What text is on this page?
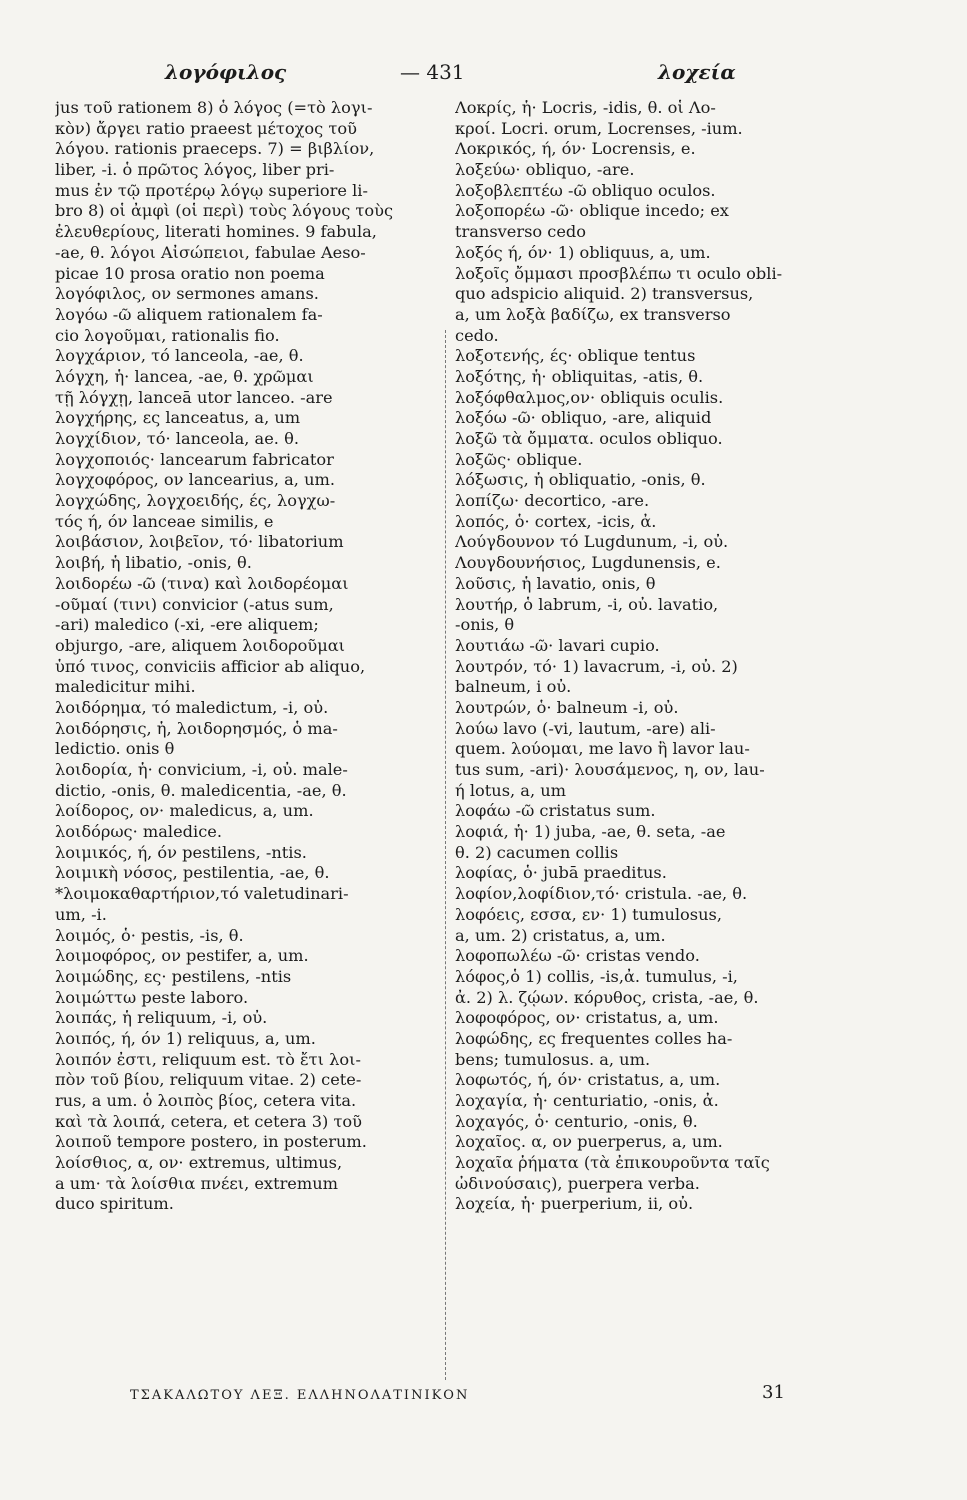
λογόφιλος	— 431	λοχεία
jus τοῦ rationem 8) ὁ λόγος (=τὸ λογι-
κὸν) ἄργει ratio praeest μέτοχος τοῦ
λόγου. rationis praeceps. 7) = βιβλίον,
liber, -i. ὁ πρῶτος λόγος, liber pri-
mus ἐν τῷ προτέρῳ λόγῳ superiore li-
bro 8) οἱ ἀμφὶ (οἱ περὶ) τοὺς λόγους τοὺς
ἐλευθερίους, literati homines. 9 fabula,
-ae, θ. λόγοι Αἰσώπειοι, fabulae Aeso-
picae 10 prosa oratio non poema
λογόφιλος, ον sermones amans.
λογόω -ῶ aliquem rationalem fa-
cio λογοῦμαι, rationalis fio.
λογχάριον, τό lanceola, -ae, θ.
λόγχη, ἡ· lancea, -ae, θ. χρῶμαι
τῇ λόγχῃ, lanceā utor lanceo. -are
λογχήρης, ες lanceatus, a, um
λογχίδιον, τό· lanceola, ae. θ.
λογχοποιός· lancearum fabricator
λογχοφόρος, ον lancearius, a, um.
λογχώδης, λογχοειδής, ές, λογχω-
τός ή, όν lanceae similis, e
λοιβάσιον, λοιβεῖον, τό· libatorium
λοιβή, ἡ libatio, -onis, θ.
λοιδορέω -ῶ (τινα) καὶ λοιδορέομαι
-οῦμαί (τινι) convicior (-atus sum,
-ari) maledico (-xi, -ere aliquem;
objurgo, -are, aliquem λοιδοροῦμαι
ὑπό τινος, conviciis afficior ab aliquo,
maledicitur mihi.
λοιδόρημα, τό maledictum, -i, οὐ.
λοιδόρησις, ἡ, λοιδορησμός, ὁ ma-
ledictio. onis θ
λοιδορία, ἡ· convicium, -i, οὐ. male-
dictio, -onis, θ. maledicentia, -ae, θ.
λοίδορος, ον· maledicus, a, um.
λοιδόρως· maledice.
λοιμικός, ή, όν pestilens, -ntis.
λοιμικὴ νόσος, pestilentia, -ae, θ.
*λοιμοκαθαρτήριον,τό valetudinari-
um, -i.
λοιμός, ὁ· pestis, -is, θ.
λοιμοφόρος, ον pestifer, a, um.
λοιμώδης, ες· pestilens, -ntis
λοιμώττω peste laboro.
λοιπάς, ἡ reliquum, -i, οὐ.
λοιπός, ή, όν 1) reliquus, a, um.
λοιπόν ἐστι, reliquum est. τὸ ἔτι λοι-
πὸν τοῦ βίου, reliquum vitae. 2) cete-
rus, a um. ὁ λοιπὸς βίος, cetera vita.
καὶ τὰ λοιπά, cetera, et cetera 3) τοῦ
λοιποῦ tempore postero, in posterum.
λοίσθιος, α, ον· extremus, ultimus,
a um· τὰ λοίσθια πνέει, extremum
duco spiritum.
Λοκρίς, ἡ· Locris, -idis, θ. οἱ Λο-
κροί. Locri. orum, Locrenses, -ium.
Λοκρικός, ή, όν· Locrensis, e.
λοξεύω· obliquo, -are.
λοξοβλεπτέω -ῶ obliquo oculos.
λοξοπορέω -ῶ· oblique incedo; ex
transverso cedo
λοξός ή, όν· 1) obliquus, a, um.
λοξοῖς ὄμμασι προσβλέπω τι oculo obli-
quo adspicio aliquid. 2) transversus,
a, um λοξὰ βαδίζω, ex transverso
cedo.
λοξοτενής, ές· oblique tentus
λοξότης, ἡ· obliquitas, -atis, θ.
λοξόφθαλμος,ον· obliquis oculis.
λοξόω -ῶ· obliquo, -are, aliquid
λοξῶ τὰ ὄμματα. oculos obliquo.
λοξῶς· oblique.
λόξωσις, ἡ obliquatio, -onis, θ.
λοπίζω· decortico, -are.
λοπός, ὁ· cortex, -icis, ἀ.
Λούγδουνον τό Lugdunum, -i, οὐ.
Λουγδουνήσιος, Lugdunensis, e.
λοῦσις, ἡ lavatio, onis, θ
λουτήρ, ὁ labrum, -i, οὐ. lavatio,
-onis, θ
λουτιάω -ῶ· lavari cupio.
λουτρόν, τό· 1) lavacrum, -i, οὐ. 2)
balneum, i οὐ.
λουτρών, ὁ· balneum -i, οὐ.
λούω lavo (-vi, lautum, -are) ali-
quem. λούομαι, me lavo ἢ lavor lau-
tus sum, -ari)· λουσάμενος, η, ον, lau-
ή lotus, a, um
λοφάω -ῶ cristatus sum.
λοφιά, ἡ· 1) juba, -ae, θ. seta, -ae
θ. 2) cacumen collis
λοφίας, ὁ· jubā praeditus.
λοφίον,λοφίδιον,τό· cristula. -ae, θ.
λοφόεις, εσσα, εν· 1) tumulosus,
a, um. 2) cristatus, a, um.
λοφοπωλέω -ῶ· cristas vendo.
λόφος,ὁ 1) collis, -is,ἀ. tumulus, -i,
ἀ. 2) λ. ζῴων. κόρυθος, crista, -ae, θ.
λοφοφόρος, ον· cristatus, a, um.
λοφώδης, ες frequentes colles ha-
bens; tumulosus. a, um.
λοφωτός, ή, όν· cristatus, a, um.
λοχαγία, ἡ· centuriatio, -onis, ἀ.
λοχαγός, ὁ· centurio, -onis, θ.
λοχαῖος. α, ον puerperus, a, um.
λοχαῖα ῥήματα (τὰ ἐπικουροῦντα ταῖς
ὠδινούσαις), puerpera verba.
λοχεία, ἡ· puerperium, ii, οὐ.
ΤΣΑΚΑΛΩΤΟΥ ΛΕΞ. ΕΛΛΗΝΟΛΑΤΙΝΙΚΟΝ	31
